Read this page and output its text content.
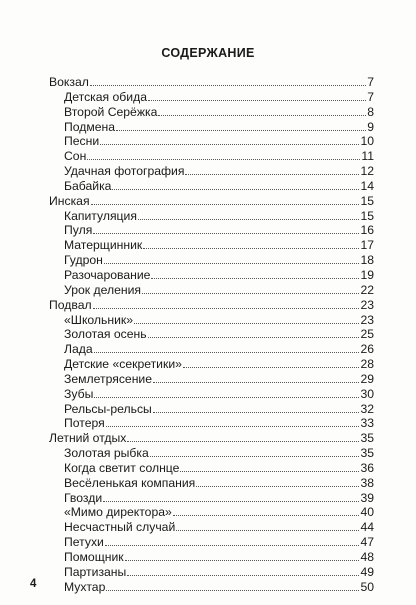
СОДЕРЖАНИЕ
Вокзал	7
Детская обида	7
Второй Серёжка	8
Подмена	9
Песни	10
Сон	11
Удачная фотография	12
Бабайка	14
Инская	15
Капитуляция	15
Пуля	16
Матерщинник	17
Гудрон	18
Разочарование	19
Урок деления	22
Подвал	23
«Школьник»	23
Золотая осень	25
Лада	26
Детские «секретики»	28
Землетрясение	29
Зубы	30
Рельсы-рельсы	32
Потеря	33
Летний отдых	35
Золотая рыбка	35
Когда светит солнце	36
Весёленькая компания	38
Гвозди	39
«Мимо директора»	40
Несчастный случай	44
Петухи	47
Помощник	48
Партизаны	49
Мухтар	50
4
